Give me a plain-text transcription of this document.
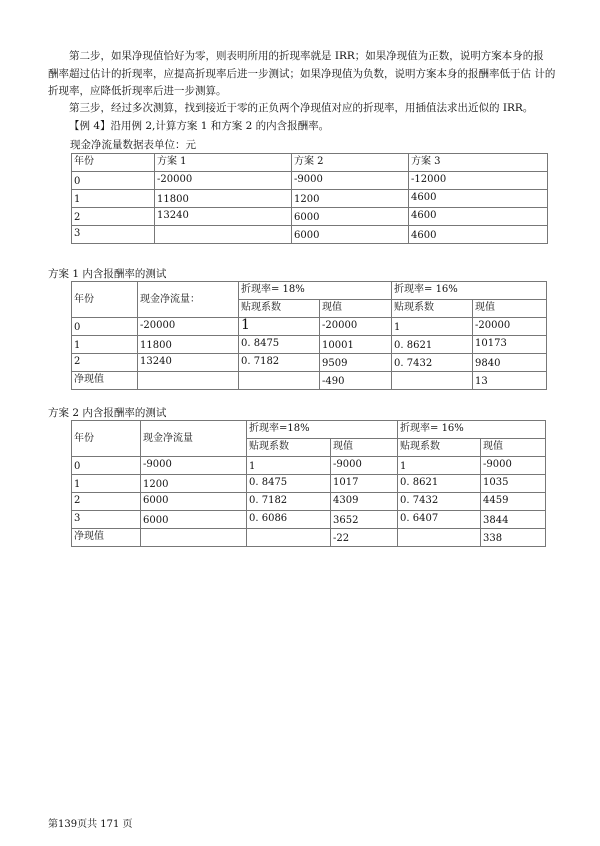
第二步，如果净现值恰好为零，则表明所用的折现率就是 IRR；如果净现值为正数，说明方案本身的报 酬率超过估计的折现率，应提高折现率后进一步测试；如果净现值为负数，说明方案本身的报酬率低于估 计的折现率，应降低折现率后进一步测算。

第三步，经过多次测算，找到接近于零的正负两个净现值对应的折现率，用插值法求出近似的 IRR。

【例 4】沿用例 2,计算方案 1 和方案 2 的内含报酬率。

现金净流量数据表单位：元
年份	方案 1	方案 2	方案 3
0	-20000	-9000	-12000
1	11800	1200	4600
2	13240	6000	4600
3		6000	4600
方案 1 内含报酬率的测试
年份	现金净流量：	折现率= 18%		折现率= 16%	
		贴现系数	现值	贴现系数	现值
0	-20000	1	-20000	1	-20000
1	11800	0. 8475	10001	0. 8621	10173
2	13240	0. 7182	9509	0. 7432	9840
净现值			-490		13
方案 2 内含报酬率的测试
年份	现金净流量	折现率=18%		折现率= 16%	
		贴现系数	现值	贴现系数	现值
0	-9000	1	-9000	1	-9000
1	1200	0. 8475	1017	0. 8621	1035
2	6000	0. 7182	4309	0. 7432	4459
3	6000	0. 6086	3652	0. 6407	3844
净现值			-22		338
第139页共 171 页
